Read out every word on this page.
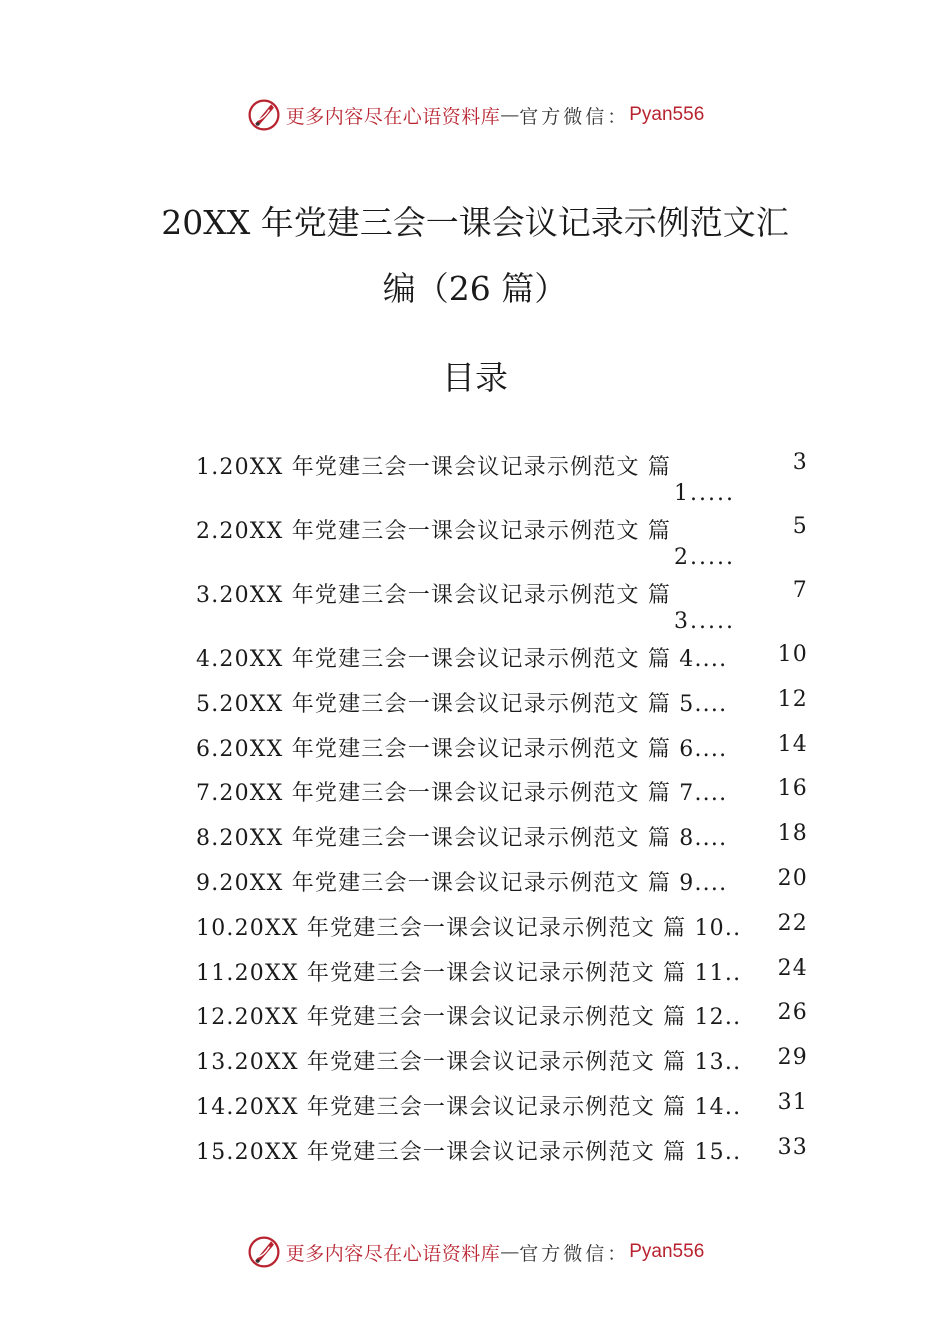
更多内容尽在心语资料库 — 官方微信： Pyan556
20XX 年党建三会一课会议记录示例范文汇
编（26 篇）
目录
1.20XX 年党建三会一课会议记录示例范文 篇
1.....
3
2.20XX 年党建三会一课会议记录示例范文 篇
2.....
5
3.20XX 年党建三会一课会议记录示例范文 篇
3.....
7
4.20XX 年党建三会一课会议记录示例范文 篇 4.... 10
5.20XX 年党建三会一课会议记录示例范文 篇 5.... 12
6.20XX 年党建三会一课会议记录示例范文 篇 6.... 14
7.20XX 年党建三会一课会议记录示例范文 篇 7.... 16
8.20XX 年党建三会一课会议记录示例范文 篇 8.... 18
9.20XX 年党建三会一课会议记录示例范文 篇 9.... 20
10.20XX 年党建三会一课会议记录示例范文 篇 10.. 22
11.20XX 年党建三会一课会议记录示例范文 篇 11.. 24
12.20XX 年党建三会一课会议记录示例范文 篇 12.. 26
13.20XX 年党建三会一课会议记录示例范文 篇 13.. 29
14.20XX 年党建三会一课会议记录示例范文 篇 14.. 31
15.20XX 年党建三会一课会议记录示例范文 篇 15.. 33
更多内容尽在心语资料库 — 官方微信： Pyan556
